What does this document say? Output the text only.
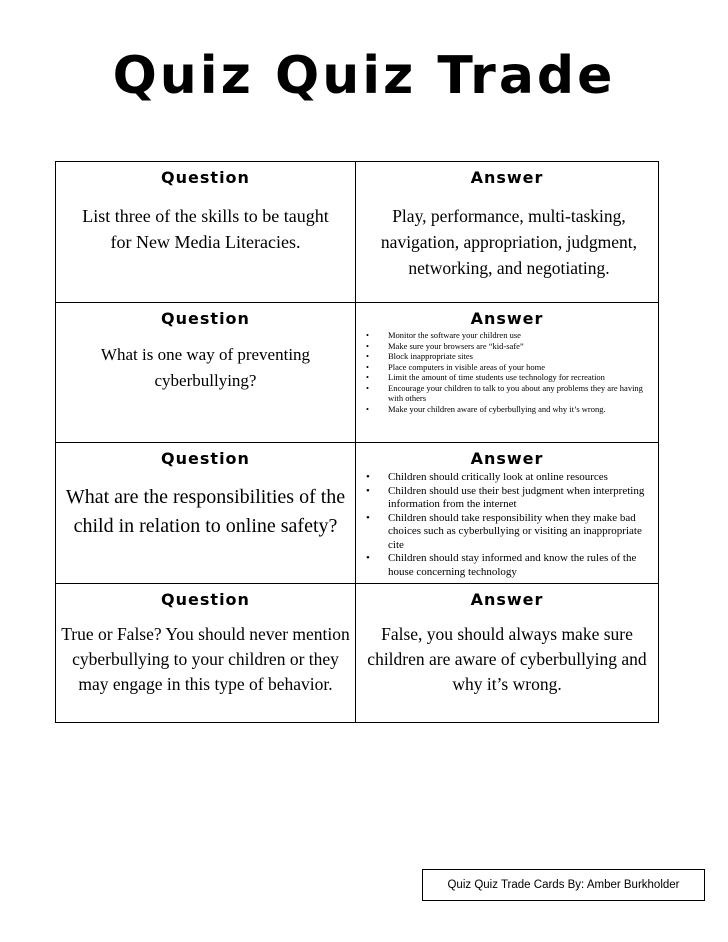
Quiz Quiz Trade
Question
List three of the skills to be taught for New Media Literacies.
Answer
Play, performance, multi-tasking, navigation, appropriation, judgment, networking, and negotiating.
Question
What is one way of preventing cyberbullying?
Answer
• Monitor the software your children use
• Make sure your browsers are “kid-safe”
• Block inappropriate sites
• Place computers in visible areas of your home
• Limit the amount of time students use technology for recreation
• Encourage your children to talk to you about any problems they are having with others
• Make your children aware of cyberbullying and why it’s wrong.
Question
What are the responsibilities of the child in relation to online safety?
Answer
• Children should critically look at online resources
• Children should use their best judgment when interpreting information from the internet
• Children should take responsibility when they make bad choices such as cyberbullying or visiting an inappropriate cite
• Children should stay informed and know the rules of the house concerning technology
Question
True or False? You should never mention cyberbullying to your children or they may engage in this type of behavior.
Answer
False, you should always make sure children are aware of cyberbullying and why it’s wrong.
Quiz Quiz Trade Cards By: Amber Burkholder
